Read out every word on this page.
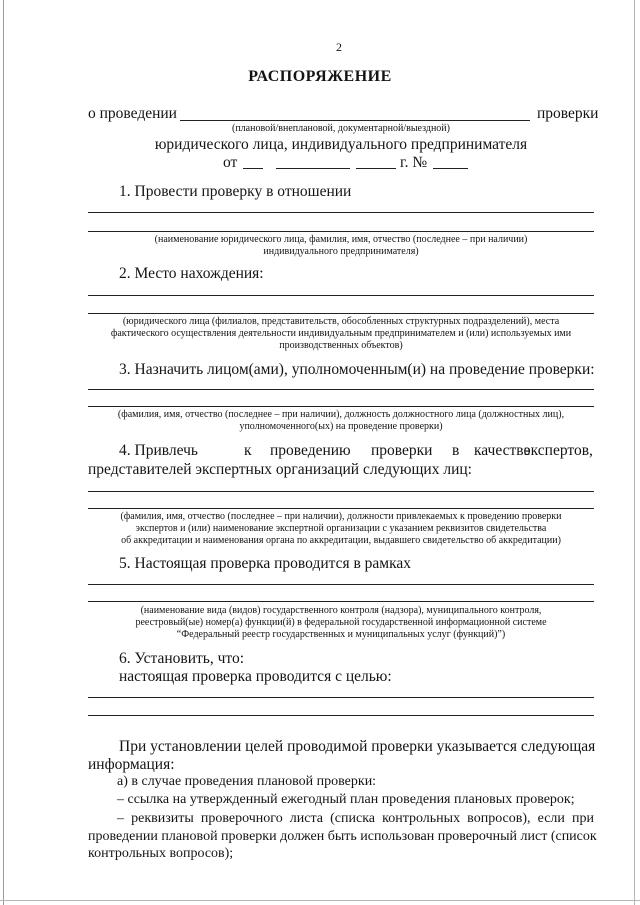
2
РАСПОРЯЖЕНИЕ
о проведении	проверки
(плановой/внеплановой, документарной/выездной)
юридического лица, индивидуального предпринимателя
от	г. №
1. Провести проверку в отношении
(наименование юридического лица, фамилия, имя, отчество (последнее – при наличии)
индивидуального предпринимателя)
2. Место нахождения:
(юридического лица (филиалов, представительств, обособленных структурных подразделений), места
фактического осуществления деятельности индивидуальным предпринимателем и (или) используемых ими
производственных объектов)
3. Назначить лицом(ами), уполномоченным(и) на проведение проверки:
(фамилия, имя, отчество (последнее – при наличии), должность должностного лица (должностных лиц),
уполномоченного(ых) на проведение проверки)
4. Привлечь	к проведению проверки в качестве
экспертов,
представителей экспертных организаций следующих лиц:
(фамилия, имя, отчество (последнее – при наличии), должности привлекаемых к проведению проверки
экспертов и (или) наименование экспертной организации с указанием реквизитов свидетельства
об аккредитации и наименования органа по аккредитации, выдавшего свидетельство об аккредитации)
5. Настоящая проверка проводится в рамках
(наименование вида (видов) государственного контроля (надзора), муниципального контроля,
реестровый(ые) номер(а) функции(й) в федеральной государственной информационной системе
“Федеральный реестр государственных и муниципальных услуг (функций)”)
6. Установить, что:
настоящая проверка проводится с целью:
При установлении целей проводимой проверки указывается следующая
информация:
а) в случае проведения плановой проверки:
– ссылка на утвержденный ежегодный план проведения плановых проверок;
– реквизиты проверочного листа (списка контрольных вопросов), если при
проведении плановой проверки должен быть использован проверочный лист (список
контрольных вопросов);
